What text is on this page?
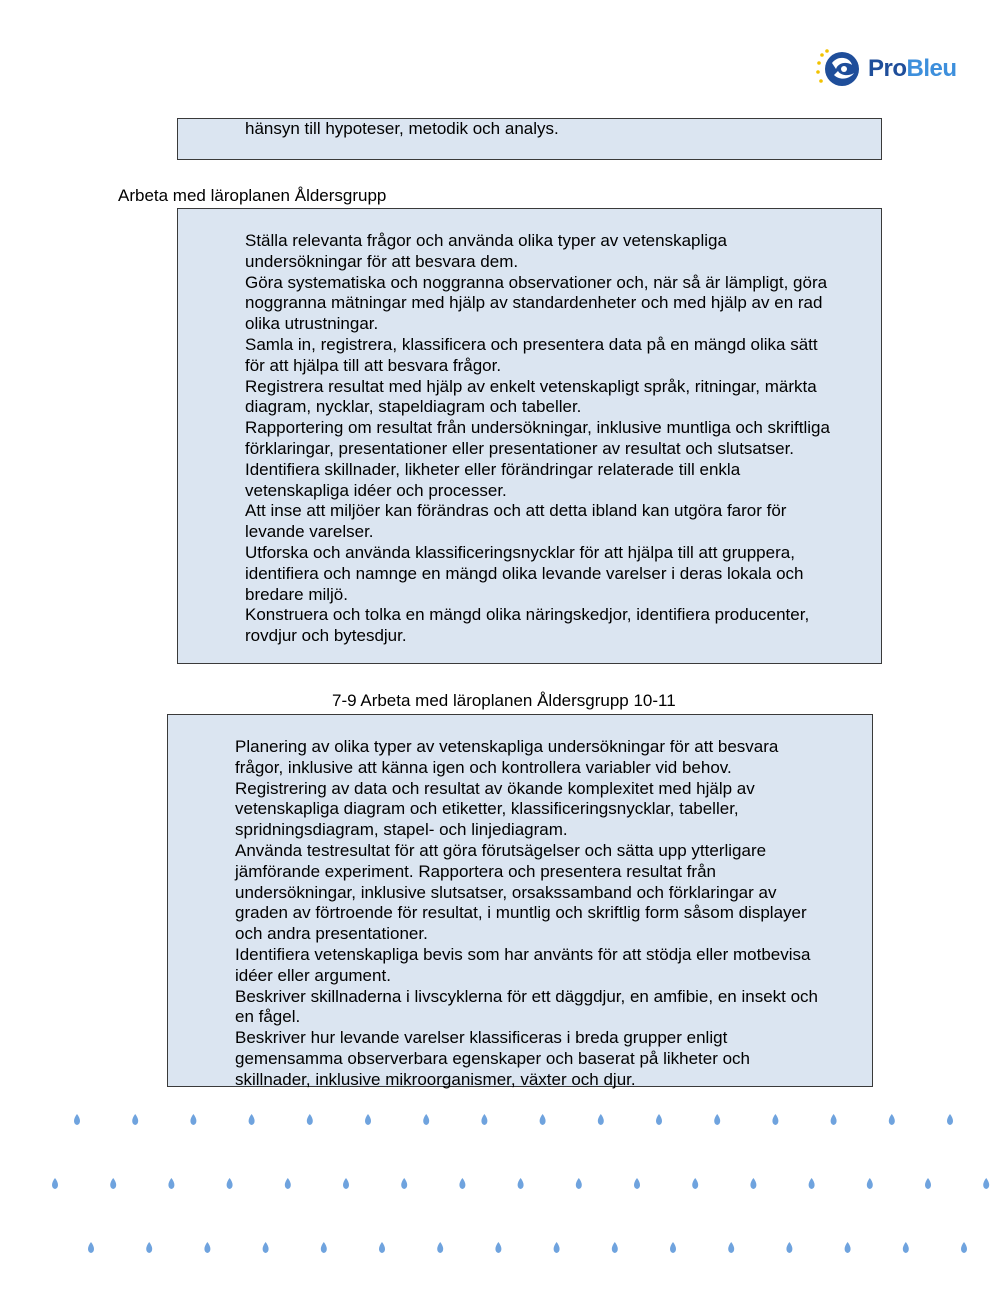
ProBleu

hänsyn till hypoteser, metodik och analys.

Arbeta med läroplanen Åldersgrupp

Ställa relevanta frågor och använda olika typer av vetenskapliga

undersökningar för att besvara dem.

Göra systematiska och noggranna observationer och, när så är lämpligt, göra

noggranna mätningar med hjälp av standardenheter och med hjälp av en rad

olika utrustningar.

Samla in, registrera, klassificera och presentera data på en mängd olika sätt

för att hjälpa till att besvara frågor.

Registrera resultat med hjälp av enkelt vetenskapligt språk, ritningar, märkta

diagram, nycklar, stapeldiagram och tabeller.

Rapportering om resultat från undersökningar, inklusive muntliga och skriftliga

förklaringar, presentationer eller presentationer av resultat och slutsatser.

Identifiera skillnader, likheter eller förändringar relaterade till enkla

vetenskapliga idéer och processer.

Att inse att miljöer kan förändras och att detta ibland kan utgöra faror för

levande varelser.

Utforska och använda klassificeringsnycklar för att hjälpa till att gruppera,

identifiera och namnge en mängd olika levande varelser i deras lokala och

bredare miljö.

Konstruera och tolka en mängd olika näringskedjor, identifiera producenter,

rovdjur och bytesdjur.

7-9 Arbeta med läroplanen Åldersgrupp 10-11

Planering av olika typer av vetenskapliga undersökningar för att besvara

frågor, inklusive att känna igen och kontrollera variabler vid behov.

Registrering av data och resultat av ökande komplexitet med hjälp av

vetenskapliga diagram och etiketter, klassificeringsnycklar, tabeller,

spridningsdiagram, stapel- och linjediagram.

Använda testresultat för att göra förutsägelser och sätta upp ytterligare

jämförande experiment. Rapportera och presentera resultat från

undersökningar, inklusive slutsatser, orsakssamband och förklaringar av

graden av förtroende för resultat, i muntlig och skriftlig form såsom displayer

och andra presentationer.

Identifiera vetenskapliga bevis som har använts för att stödja eller motbevisa

idéer eller argument.

Beskriver skillnaderna i livscyklerna för ett däggdjur, en amfibie, en insekt och

en fågel.

Beskriver hur levande varelser klassificeras i breda grupper enligt

gemensamma observerbara egenskaper och baserat på likheter och

skillnader, inklusive mikroorganismer, växter och djur.
